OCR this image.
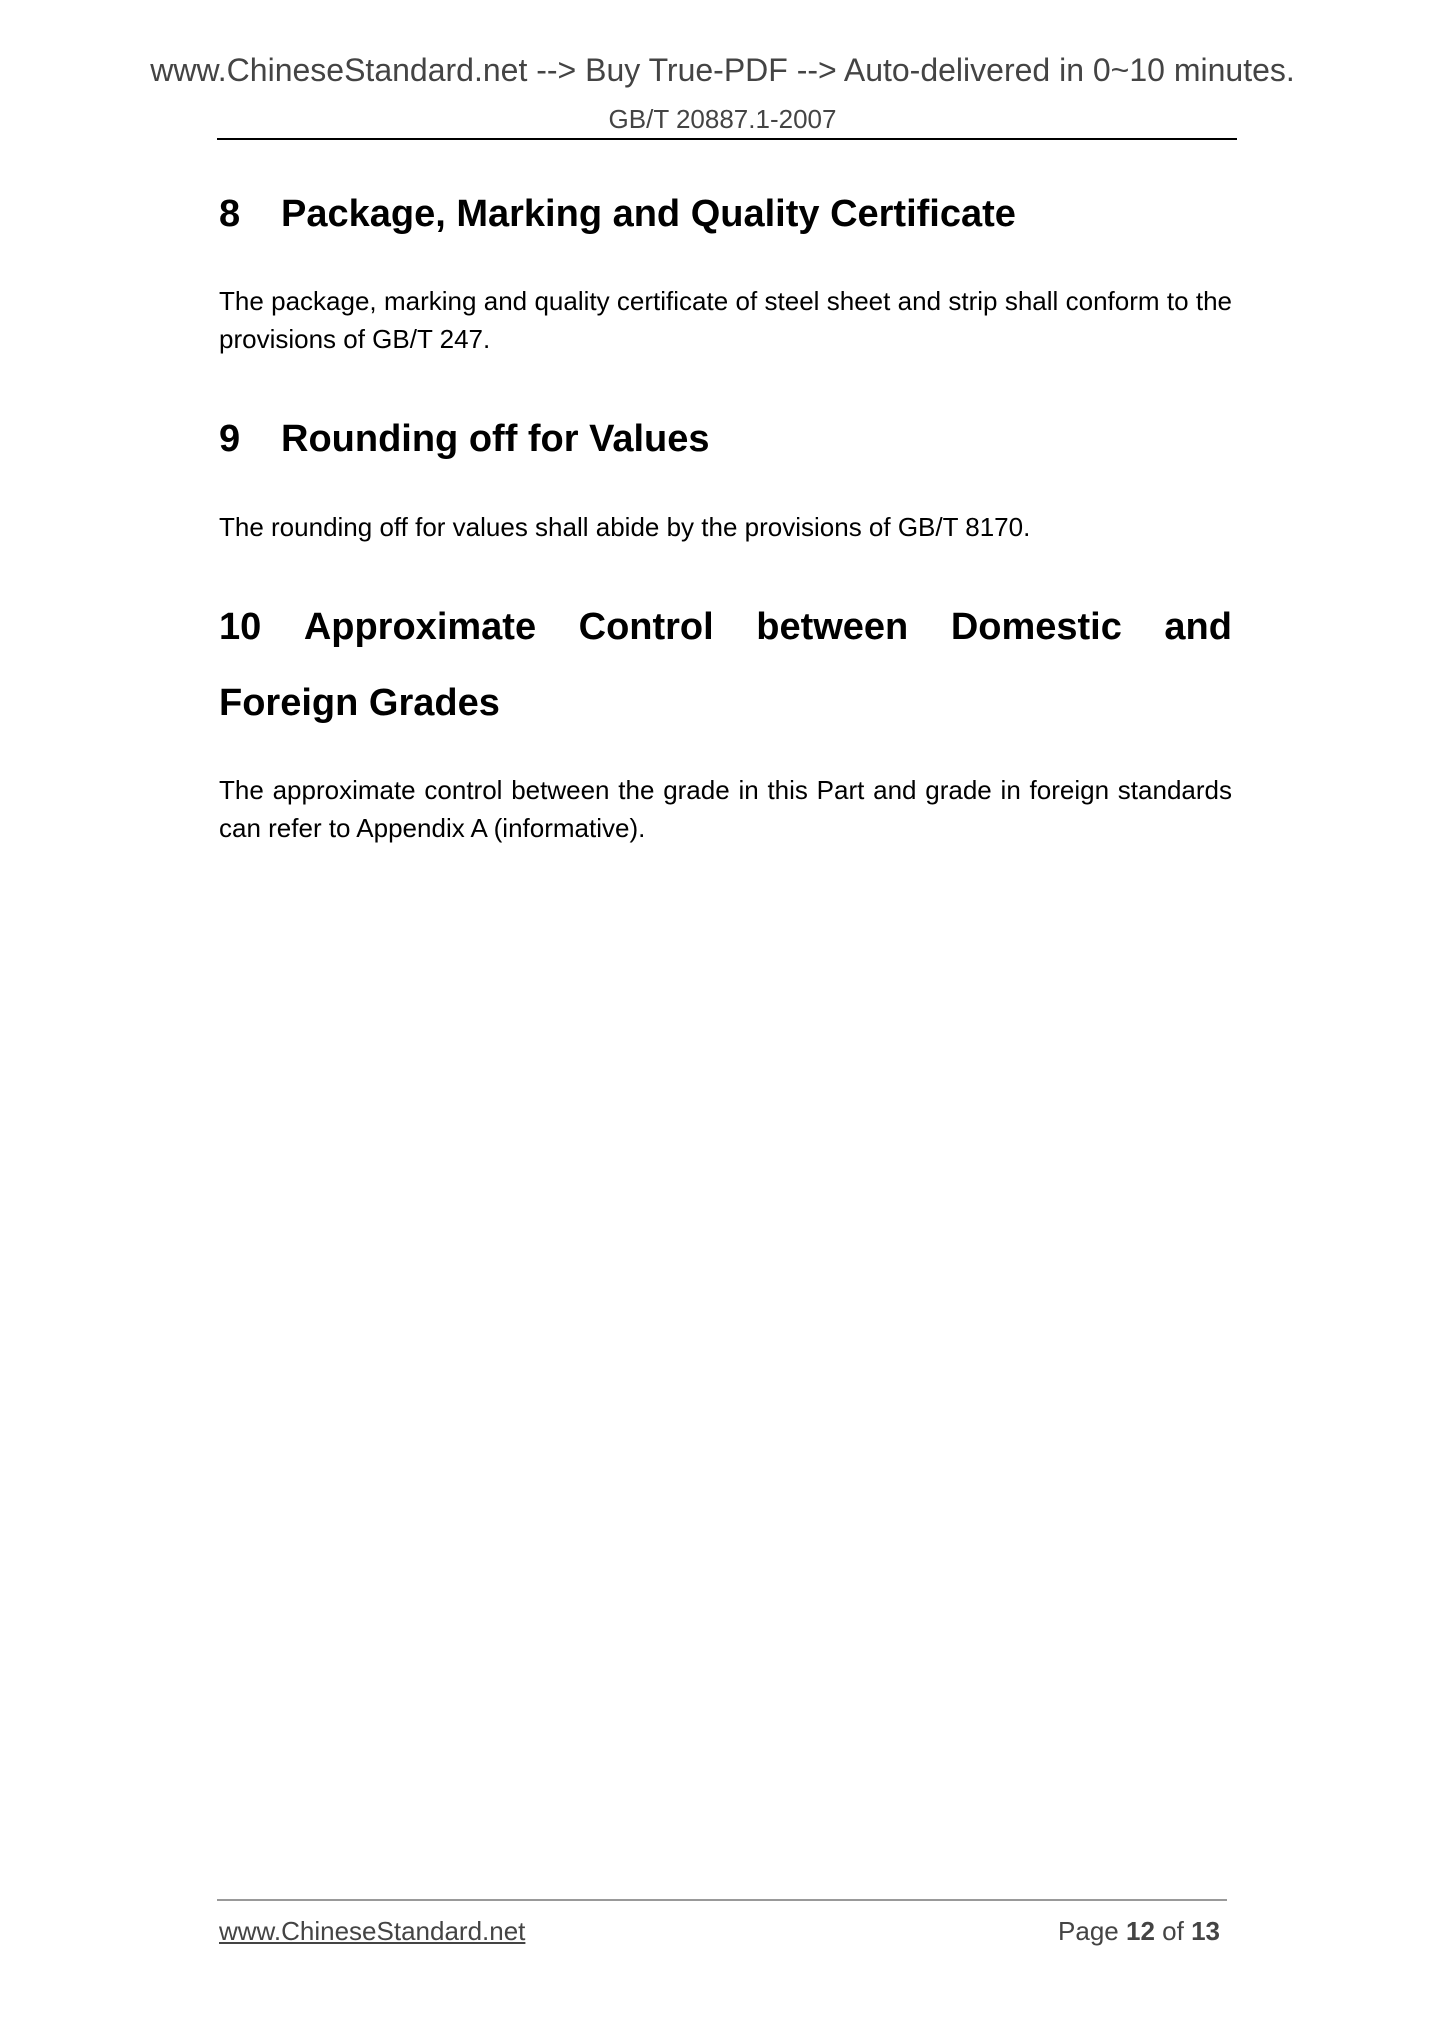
www.ChineseStandard.net --> Buy True-PDF --> Auto-delivered in 0~10 minutes.
GB/T 20887.1-2007
8 Package, Marking and Quality Certificate

The package, marking and quality certificate of steel sheet and strip shall conform to the provisions of GB/T 247.

9 Rounding off for Values

The rounding off for values shall abide by the provisions of GB/T 8170.

10 Approximate Control between Domestic and
Foreign Grades

The approximate control between the grade in this Part and grade in foreign standards can refer to Appendix A (informative).

www.ChineseStandard.net	Page 12 of 13
